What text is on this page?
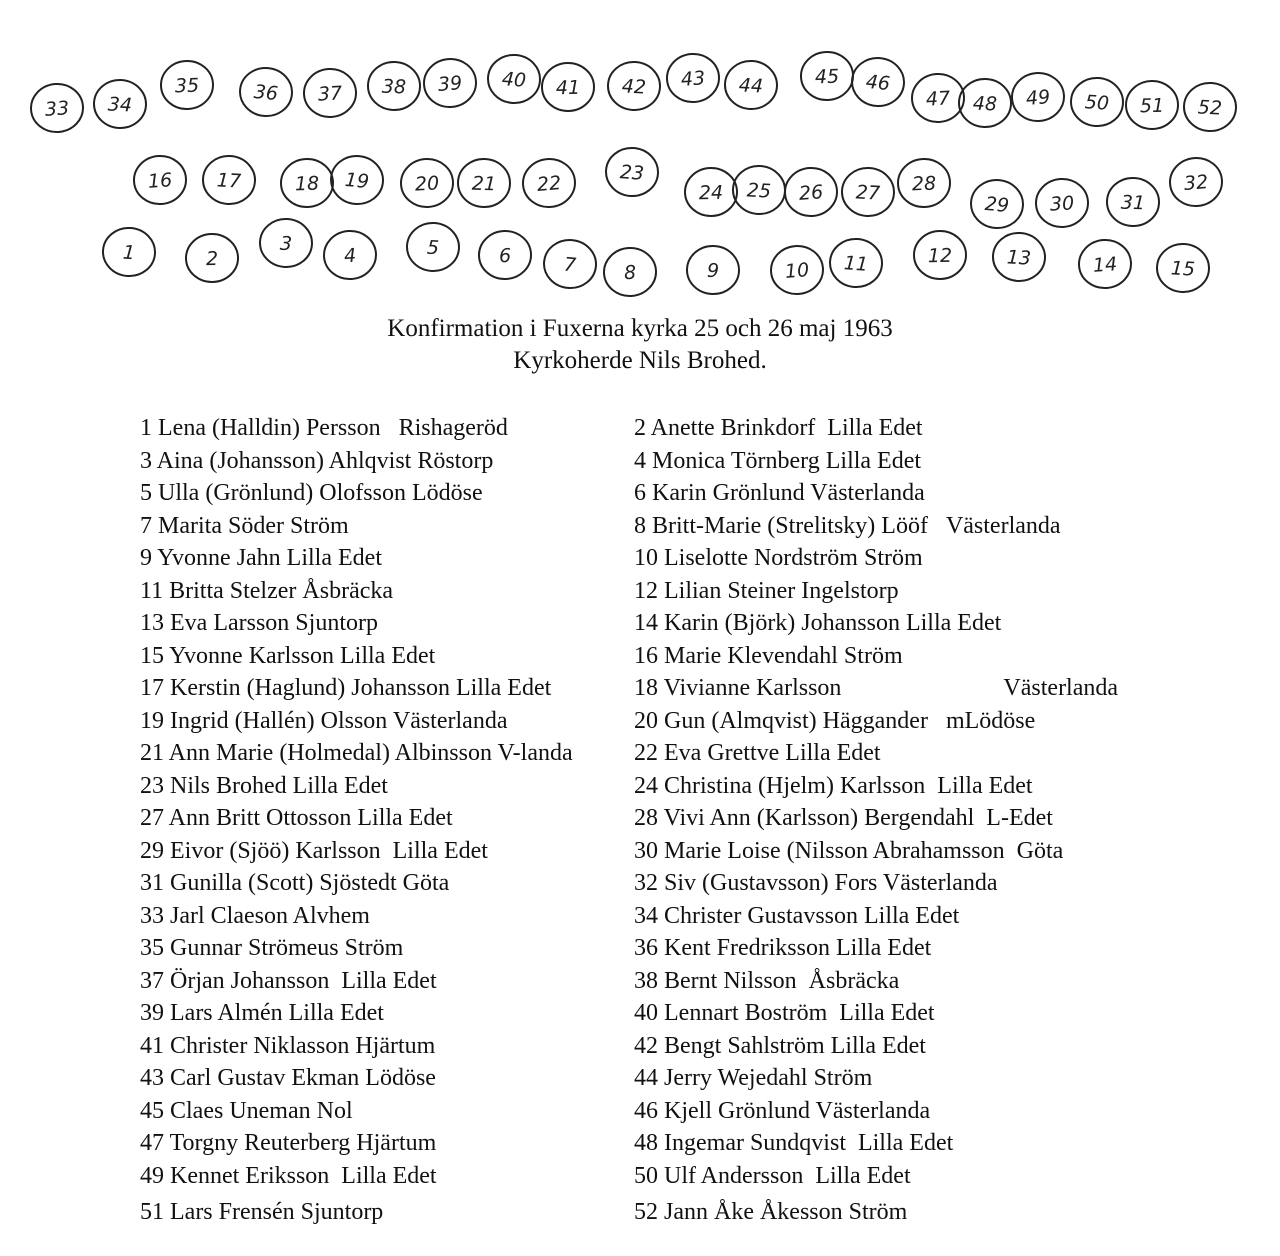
33 34
35	36 37 38 39 40 41 42 43 44	45 46
47 48 49 50 51 52
16 17	18 19 20 21 22	23
24 25 26 27 28
29 30 31
32
1	2
3
4	5	6	7 8	9	10 11	12	13	14	15
Konfirmation i Fuxerna kyrka 25 och 26 maj 1963
Kyrkoherde Nils Brohed.
1 Lena (Halldin) Persson   Rishageröd
3 Aina (Johansson) Ahlqvist Röstorp
5 Ulla (Grönlund) Olofsson Lödöse
7 Marita Söder Ström
9 Yvonne Jahn Lilla Edet
11 Britta Stelzer Åsbräcka
13 Eva Larsson Sjuntorp
15 Yvonne Karlsson Lilla Edet
17 Kerstin (Haglund) Johansson Lilla Edet
19 Ingrid (Hallén) Olsson Västerlanda
21 Ann Marie (Holmedal) Albinsson V-landa
23 Nils Brohed Lilla Edet
27 Ann Britt Ottosson Lilla Edet
29 Eivor (Sjöö) Karlsson  Lilla Edet
31 Gunilla (Scott) Sjöstedt Göta
33 Jarl Claeson Alvhem
35 Gunnar Strömeus Ström
37 Örjan Johansson  Lilla Edet
39 Lars Almén Lilla Edet
41 Christer Niklasson Hjärtum
43 Carl Gustav Ekman Lödöse
45 Claes Uneman Nol
47 Torgny Reuterberg Hjärtum
49 Kennet Eriksson  Lilla Edet
51 Lars Frensén Sjuntorp
2 Anette Brinkdorf  Lilla Edet
4 Monica Törnberg Lilla Edet
6 Karin Grönlund Västerlanda
8 Britt-Marie (Strelitsky) Lööf   Västerlanda
10 Liselotte Nordström Ström
12 Lilian Steiner Ingelstorp
14 Karin (Björk) Johansson Lilla Edet
16 Marie Klevendahl Ström
18 Vivianne Karlsson                           Västerlanda
20 Gun (Almqvist) Häggander   mLödöse
22 Eva Grettve Lilla Edet
24 Christina (Hjelm) Karlsson  Lilla Edet
28 Vivi Ann (Karlsson) Bergendahl  L-Edet
30 Marie Loise (Nilsson Abrahamsson  Göta
32 Siv (Gustavsson) Fors Västerlanda
34 Christer Gustavsson Lilla Edet
36 Kent Fredriksson Lilla Edet
38 Bernt Nilsson  Åsbräcka
40 Lennart Boström  Lilla Edet
42 Bengt Sahlström Lilla Edet
44 Jerry Wejedahl Ström
46 Kjell Grönlund Västerlanda
48 Ingemar Sundqvist  Lilla Edet
50 Ulf Andersson  Lilla Edet
52 Jann Åke Åkesson Ström
